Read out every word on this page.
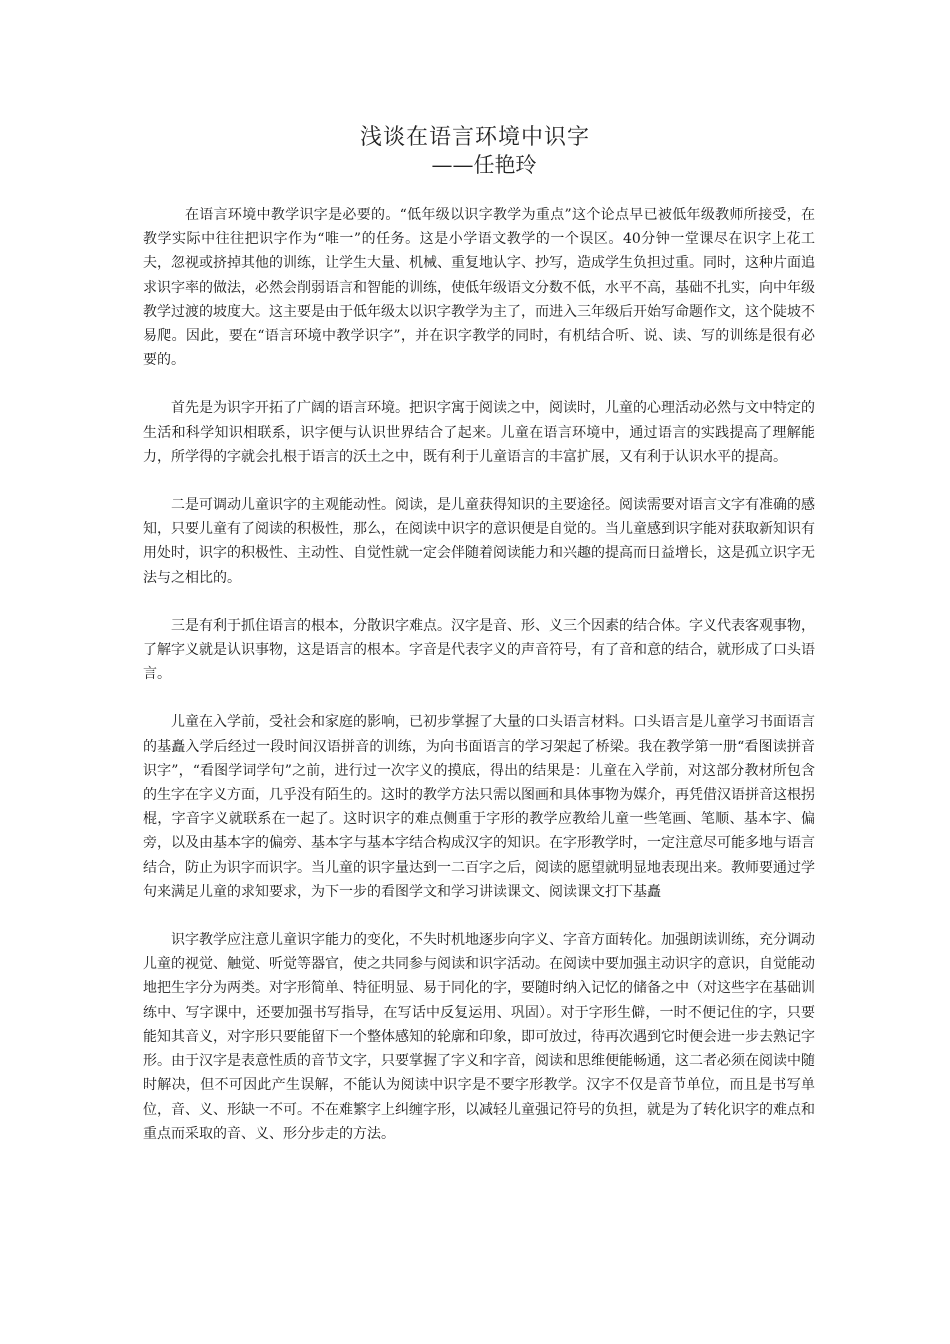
浅谈在语言环境中识字
——任艳玲

在语言环境中教学识字是必要的。“低年级以识字教学为重点”这个论点早已被低年级教师所接受，在教学实际中往往把识字作为“唯一”的任务。这是小学语文教学的一个误区。40分钟一堂课尽在识字上花工夫，忽视或挤掉其他的训练，让学生大量、机械、重复地认字、抄写，造成学生负担过重。同时，这种片面追求识字率的做法，必然会削弱语言和智能的训练，使低年级语文分数不低，水平不高，基础不扎实，向中年级教学过渡的坡度大。这主要是由于低年级太以识字教学为主了，而进入三年级后开始写命题作文，这个陡坡不易爬。因此，要在“语言环境中教学识字”，并在识字教学的同时，有机结合听、说、读、写的训练是很有必要的。

首先是为识字开拓了广阔的语言环境。把识字寓于阅读之中，阅读时，儿童的心理活动必然与文中特定的生活和科学知识相联系，识字便与认识世界结合了起来。儿童在语言环境中，通过语言的实践提高了理解能力，所学得的字就会扎根于语言的沃土之中，既有利于儿童语言的丰富扩展，又有利于认识水平的提高。

二是可调动儿童识字的主观能动性。阅读，是儿童获得知识的主要途径。阅读需要对语言文字有准确的感知，只要儿童有了阅读的积极性，那么，在阅读中识字的意识便是自觉的。当儿童感到识字能对获取新知识有用处时，识字的积极性、主动性、自觉性就一定会伴随着阅读能力和兴趣的提高而日益增长，这是孤立识字无法与之相比的。

三是有利于抓住语言的根本，分散识字难点。汉字是音、形、义三个因素的结合体。字义代表客观事物，了解字义就是认识事物，这是语言的根本。字音是代表字义的声音符号，有了音和意的结合，就形成了口头语言。

儿童在入学前，受社会和家庭的影响，已初步掌握了大量的口头语言材料。口头语言是儿童学习书面语言的基矗入学后经过一段时间汉语拼音的训练，为向书面语言的学习架起了桥梁。我在教学第一册“看图读拼音识字”，“看图学词学句”之前，进行过一次字义的摸底，得出的结果是：儿童在入学前，对这部分教材所包含的生字在字义方面，几乎没有陌生的。这时的教学方法只需以图画和具体事物为媒介，再凭借汉语拼音这根拐棍，字音字义就联系在一起了。这时识字的难点侧重于字形的教学应教给儿童一些笔画、笔顺、基本字、偏旁，以及由基本字的偏旁、基本字与基本字结合构成汉字的知识。在字形教学时，一定注意尽可能多地与语言结合，防止为识字而识字。当儿童的识字量达到一二百字之后，阅读的愿望就明显地表现出来。教师要通过学句来满足儿童的求知要求，为下一步的看图学文和学习讲读课文、阅读课文打下基矗

识字教学应注意儿童识字能力的变化，不失时机地逐步向字义、字音方面转化。加强朗读训练，充分调动儿童的视觉、触觉、听觉等器官，使之共同参与阅读和识字活动。在阅读中要加强主动识字的意识，自觉能动地把生字分为两类。对字形简单、特征明显、易于同化的字，要随时纳入记忆的储备之中（对这些字在基础训练中、写字课中，还要加强书写指导，在写话中反复运用、巩固）。对于字形生僻，一时不便记住的字，只要能知其音义，对字形只要能留下一个整体感知的轮廓和印象，即可放过，待再次遇到它时便会进一步去熟记字形。由于汉字是表意性质的音节文字，只要掌握了字义和字音，阅读和思维便能畅通，这二者必须在阅读中随时解决，但不可因此产生误解，不能认为阅读中识字是不要字形教学。汉字不仅是音节单位，而且是书写单位，音、义、形缺一不可。不在难繁字上纠缠字形，以减轻儿童强记符号的负担，就是为了转化识字的难点和重点而采取的音、义、形分步走的方法。
